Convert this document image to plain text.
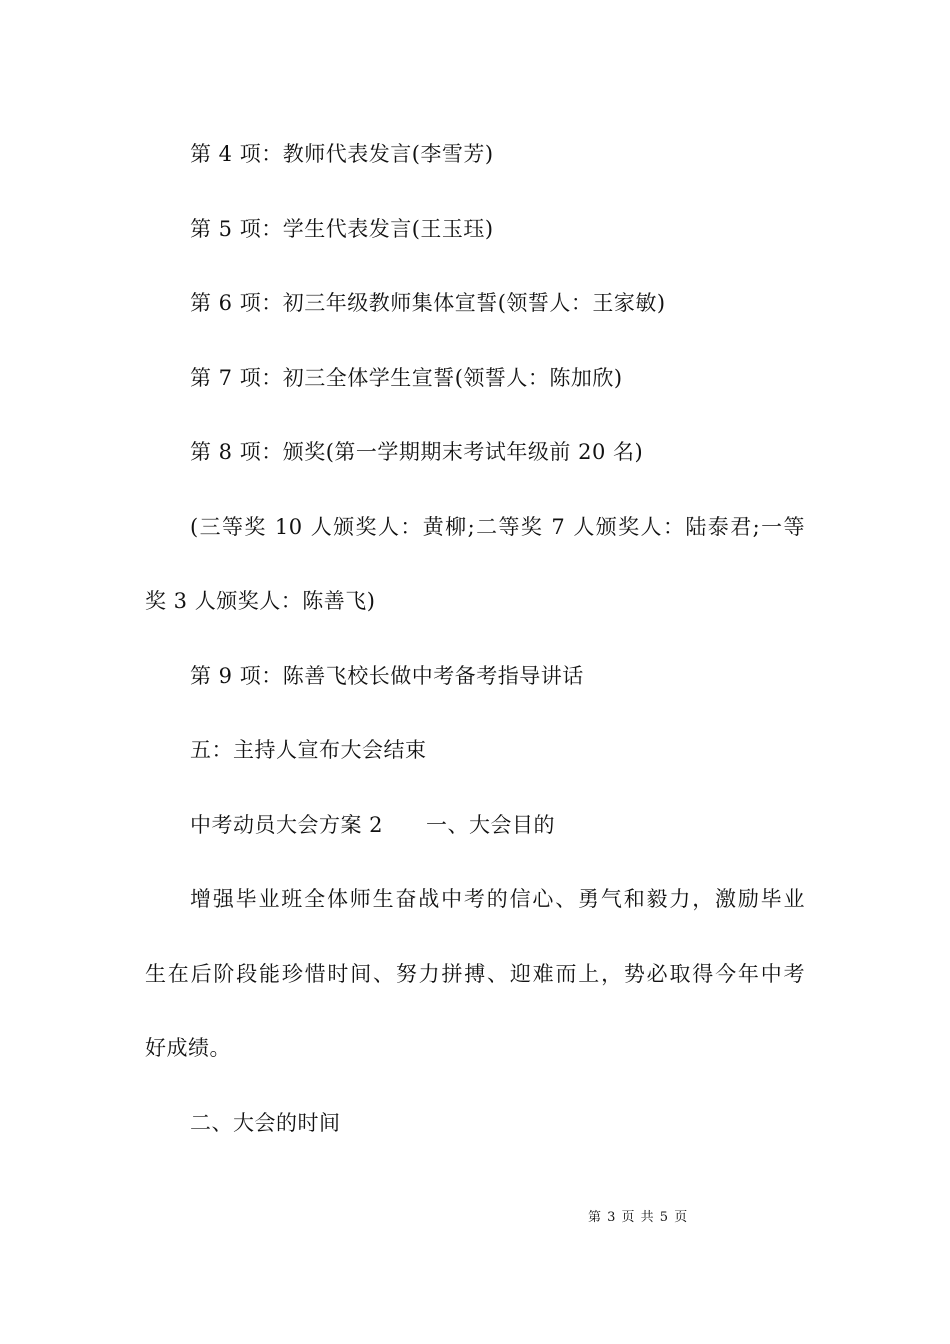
第 4 项：教师代表发言(李雪芳)
第 5 项：学生代表发言(王玉珏)
第 6 项：初三年级教师集体宣誓(领誓人：王家敏)
第 7 项：初三全体学生宣誓(领誓人：陈加欣)
第 8 项：颁奖(第一学期期末考试年级前 20 名)
(三等奖 10 人颁奖人：黄柳;二等奖 7 人颁奖人：陆泰君;一等
奖 3 人颁奖人：陈善飞)
第 9 项：陈善飞校长做中考备考指导讲话
五：主持人宣布大会结束
中考动员大会方案 2　　一、大会目的
增强毕业班全体师生奋战中考的信心、勇气和毅力，激励毕业
生在后阶段能珍惜时间、努力拼搏、迎难而上，势必取得今年中考
好成绩。
二、大会的时间
第 3 页 共 5 页
